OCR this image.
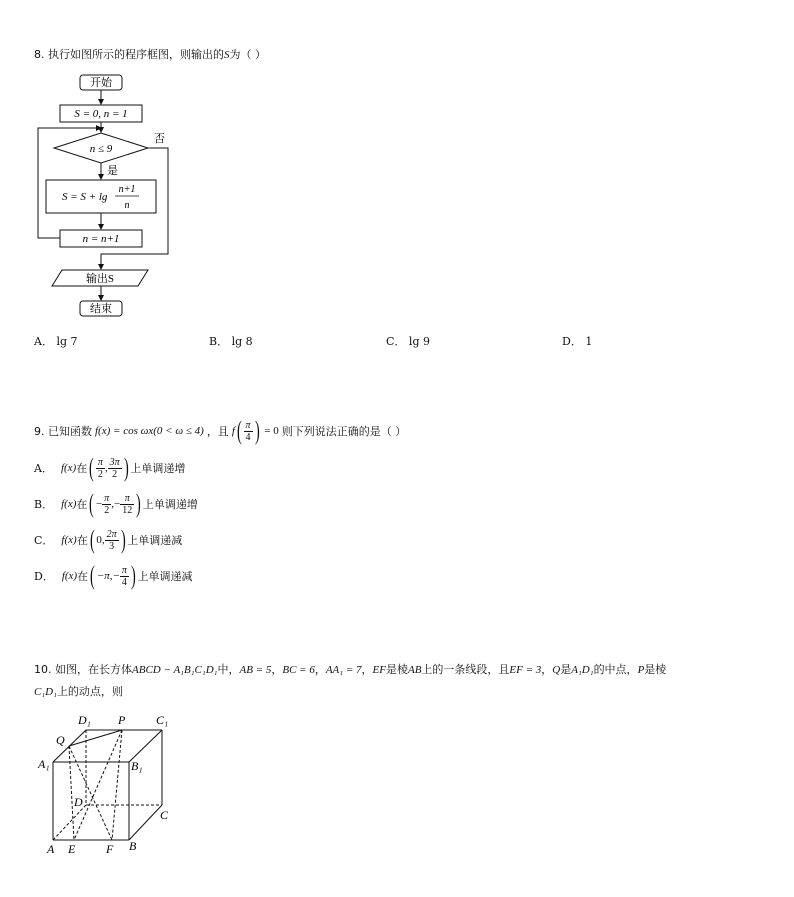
8. 执行如图所示的程序框图，则输出的S为（ ）
开始
S = 0, n = 1
n ≤ 9
否
是
S = S + lg
n+1
n
n = n+1
输出S
结束
A． lg 7	B． lg 8	C． lg 9	D． 1
9. 已知函数 f(x) = cos ωx(0 < ω ≤ 4) ，且 f ( $\frac{\pi}{4}$ ) = 0 则下列说法正确的是（ ）
A． f(x) 在 ( $\frac{\pi}{2}$ , $\frac{3\pi}{2}$ ) 上单调递增
B． f(x) 在 ( − $\frac{\pi}{2}$ ,− $\frac{\pi}{12}$ ) 上单调递增
C． f(x) 在 ( 0, $\frac{2\pi}{3}$ ) 上单调递减
D． f(x) 在 ( $-\pi,- \frac{\pi}{4}$ ) 上单调递减
10. 如图，在长方体ABCD − A₁B₁C₁D₁中，AB = 5，BC = 6，AA₁ = 7，EF是棱AB上的一条线段，且EF = 3，Q是A₁D₁的中点，P是棱
C₁D₁上的动点，则
D₁ P	C₁
Q
A₁	B₁
D
C
A E	F B
